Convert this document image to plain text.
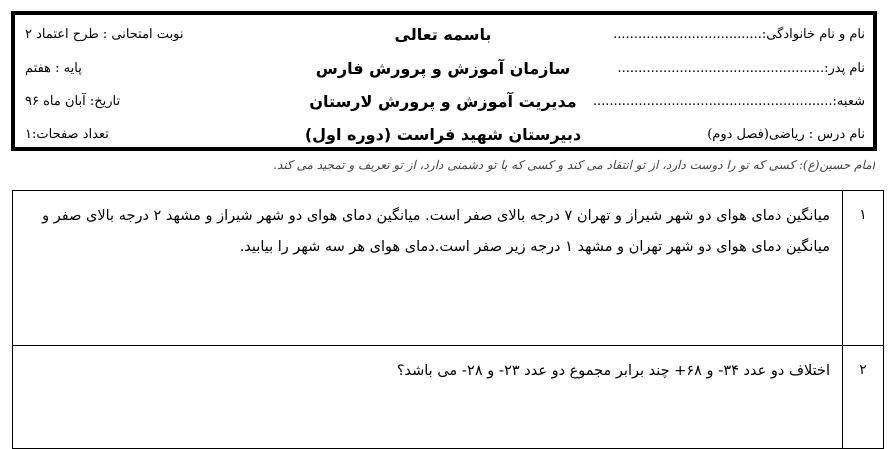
نام و نام خانوادگی:....................................
باسمه تعالی
نوبت امتحانی : طرح اعتماد ۲
نام پدر:..................................................
سازمان آموزش و پرورش فارس
پایه : هفتم
شعبه:..........................................................
مدیریت آموزش و پرورش لارستان
تاریخ: آبان ماه ۹۶
نام درس : ریاضی(فصل دوم)
دبیرستان شهید فراست (دوره اول)
تعداد صفحات:۱
امام حسین(ع): کسی که تو را دوست دارد، از تو انتقاد می کند و کسی که با تو دشمنی دارد، از تو تعریف و تمجید می کند.
۱	میانگین دمای هوای دو شهر شیراز و تهران ۷ درجه بالای صفر است. میانگین دمای هوای دو شهر شیراز و مشهد ۲ درجه بالای صفر و میانگین دمای هوای دو شهر تهران و مشهد ۱ درجه زیر صفر است.دمای هوای هر سه شهر را بیابید.
۲	اختلاف دو عدد ۳۴- و ۶۸+ چند برابر مجموع دو عدد ۲۳- و ۲۸- می باشد؟
